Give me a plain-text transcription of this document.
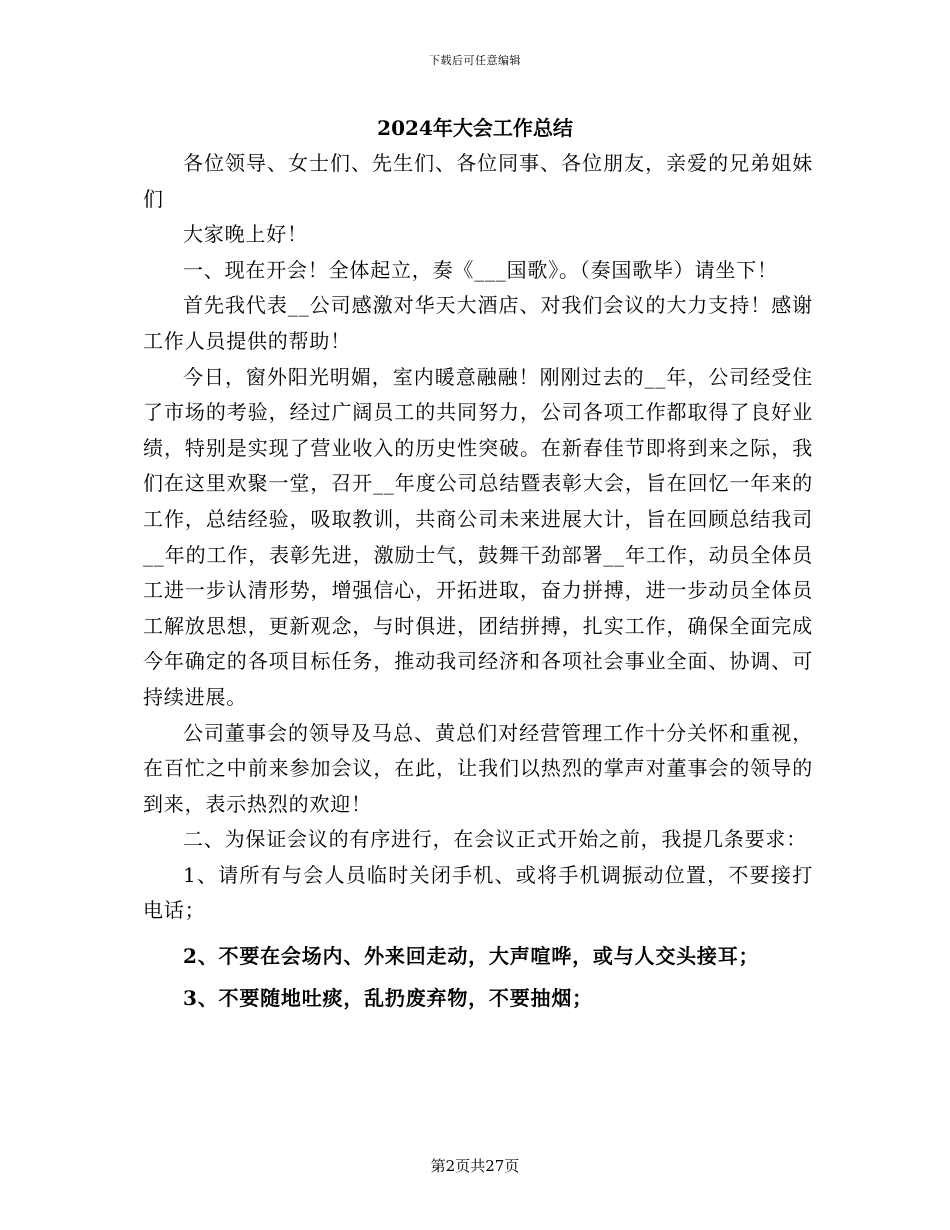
下载后可任意编辑
2024年大会工作总结

各位领导、女士们、先生们、各位同事、各位朋友，亲爱的兄弟姐妹们

大家晚上好！

一、现在开会！全体起立，奏《___国歌》。（奏国歌毕）请坐下！

首先我代表__公司感激对华天大酒店、对我们会议的大力支持！感谢工作人员提供的帮助！

今日，窗外阳光明媚，室内暖意融融！刚刚过去的__年，公司经受住了市场的考验，经过广阔员工的共同努力，公司各项工作都取得了良好业绩，特别是实现了营业收入的历史性突破。在新春佳节即将到来之际，我们在这里欢聚一堂，召开__年度公司总结暨表彰大会，旨在回忆一年来的工作，总结经验，吸取教训，共商公司未来进展大计，旨在回顾总结我司__年的工作，表彰先进，激励士气，鼓舞干劲部署__年工作，动员全体员工进一步认清形势，增强信心，开拓进取，奋力拼搏，进一步动员全体员工解放思想，更新观念，与时俱进，团结拼搏，扎实工作，确保全面完成今年确定的各项目标任务，推动我司经济和各项社会事业全面、协调、可持续进展。

公司董事会的领导及马总、黄总们对经营管理工作十分关怀和重视，在百忙之中前来参加会议，在此，让我们以热烈的掌声对董事会的领导的到来，表示热烈的欢迎！

二、为保证会议的有序进行，在会议正式开始之前，我提几条要求：

1、请所有与会人员临时关闭手机、或将手机调振动位置，不要接打电话；

2、不要在会场内、外来回走动，大声喧哗，或与人交头接耳；

3、不要随地吐痰，乱扔废弃物，不要抽烟；

第2页共27页
